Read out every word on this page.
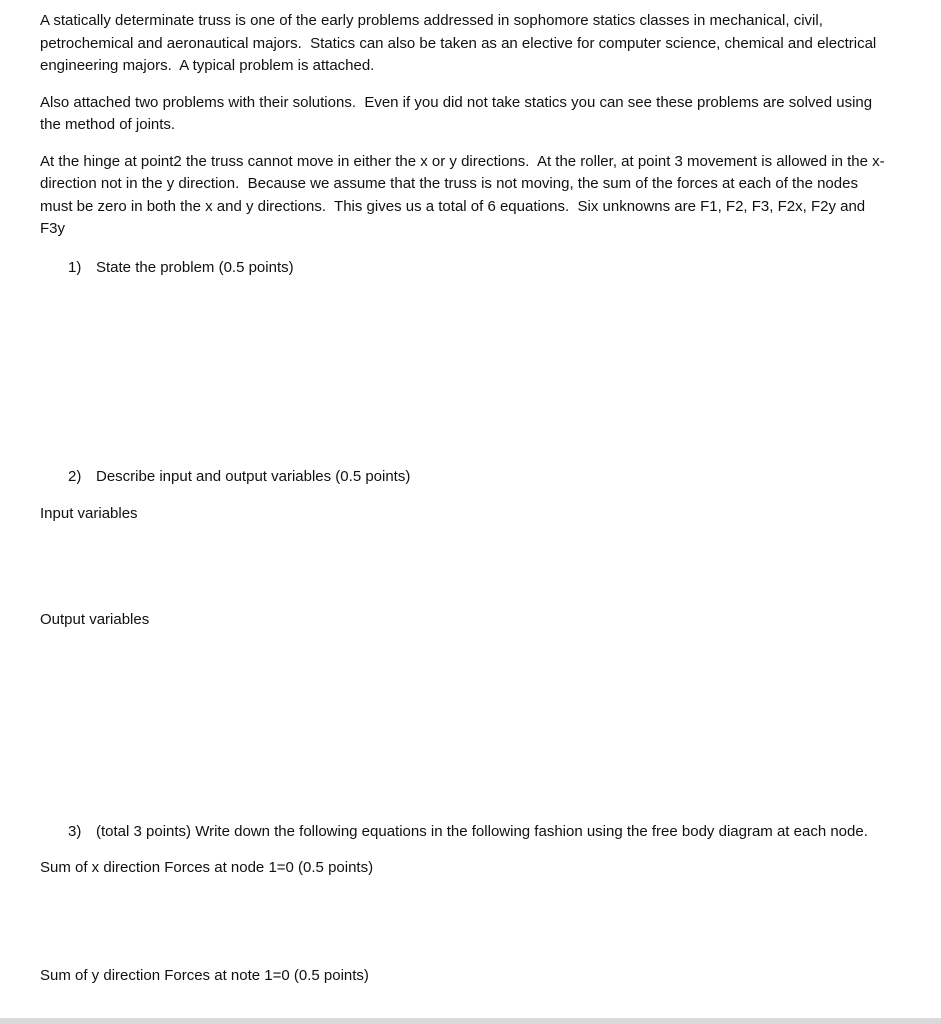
A statically determinate truss is one of the early problems addressed in sophomore statics classes in mechanical, civil, petrochemical and aeronautical majors.  Statics can also be taken as an elective for computer science, chemical and electrical engineering majors.  A typical problem is attached.

Also attached two problems with their solutions.  Even if you did not take statics you can see these problems are solved using the method of joints.

At the hinge at point2 the truss cannot move in either the x or y directions.  At the roller, at point 3 movement is allowed in the x-direction not in the y direction.  Because we assume that the truss is not moving, the sum of the forces at each of the nodes must be zero in both the x and y directions.  This gives us a total of 6 equations.  Six unknowns are F1, F2, F3, F2x, F2y and F3y

1) State the problem (0.5 points)
2) Describe input and output variables (0.5 points)

Input variables

Output variables

3) (total 3 points) Write down the following equations in the following fashion using the free body diagram at each node.

Sum of x direction Forces at node 1=0 (0.5 points)

Sum of y direction Forces at note 1=0 (0.5 points)
